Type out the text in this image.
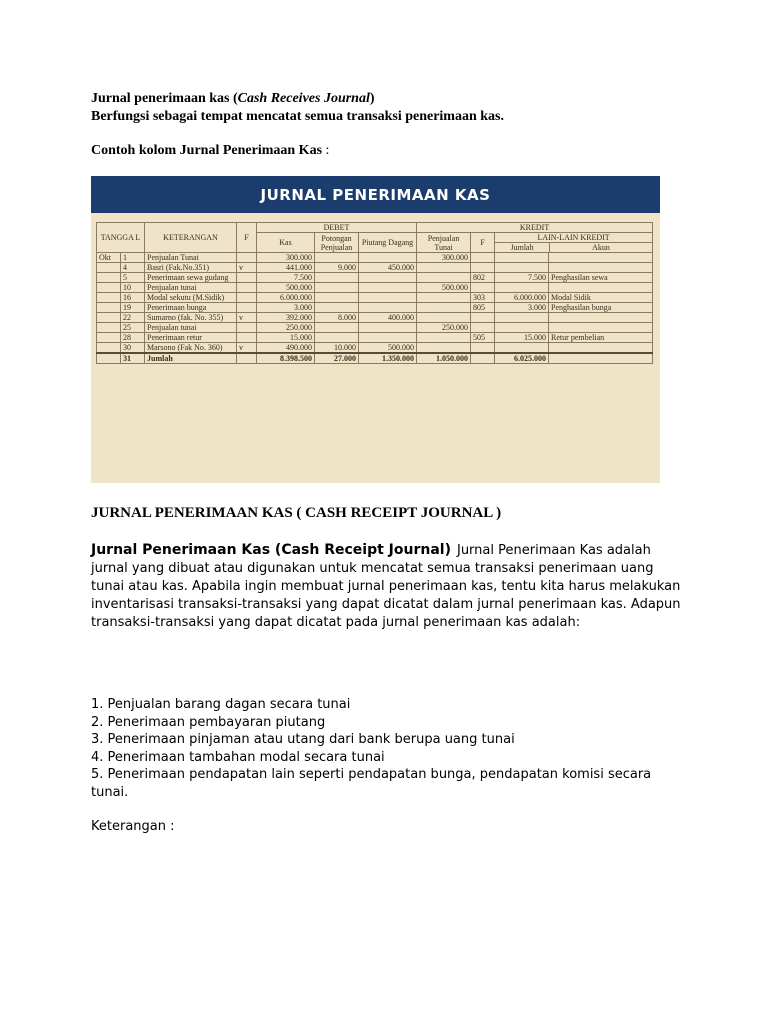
Jurnal penerimaan kas (Cash Receives Journal)
Berfungsi sebagai tempat mencatat semua transaksi penerimaan kas.
Contoh kolom Jurnal Penerimaan Kas :
JURNAL PENERIMAAN KAS
TANGGA L		KETERANGAN	F	DEBET			KREDIT			
				Kas	Potongan Penjualan	Piutang Dagang	Penjualan Tunai	F	LAIN-LAIN KREDIT
Jumlah Akun	

Okt	1	Penjualan Tunai		300.000			300.000			
	4	Basri (Fak.No.351)	v	441.000	9.000	450.000				
	5	Penerimaan sewa gudang		7.500				802	7.500	Penghasilan sewa
	10	Penjualan tunai		500.000			500.000			
	16	Modal sekutu (M.Sidik)		6.000.000				303	6.000.000	Modal Sidik
	19	Penerimaan bunga		3.000				805	3.000	Penghasilan bunga
	22	Sumarno (fak. No. 355)	v	392.000	8.000	400.000				
	25	Penjualan tunai		250.000			250.000			
	28	Penerimaan retur		15.000				505	15.000	Retur pembelian
	30	Marsono (Fak No. 360)	v	490.000	10.000	500.000				
	31	Jumlah		8.398.500	27.000	1.350.000	1.050.000		6.025.000	
JURNAL PENERIMAAN KAS ( CASH RECEIPT JOURNAL )
Jurnal Penerimaan Kas (Cash Receipt Journal) Jurnal Penerimaan Kas adalah jurnal yang dibuat atau digunakan untuk mencatat semua transaksi penerimaan uang tunai atau kas. Apabila ingin membuat jurnal penerimaan kas, tentu kita harus melakukan inventarisasi transaksi-transaksi yang dapat dicatat dalam jurnal penerimaan kas. Adapun transaksi-transaksi yang dapat dicatat pada jurnal penerimaan kas adalah:
1. Penjualan barang dagan secara tunai
2. Penerimaan pembayaran piutang
3. Penerimaan pinjaman atau utang dari bank berupa uang tunai
4. Penerimaan tambahan modal secara tunai
5. Penerimaan pendapatan lain seperti pendapatan bunga, pendapatan komisi secara tunai.
Keterangan :
